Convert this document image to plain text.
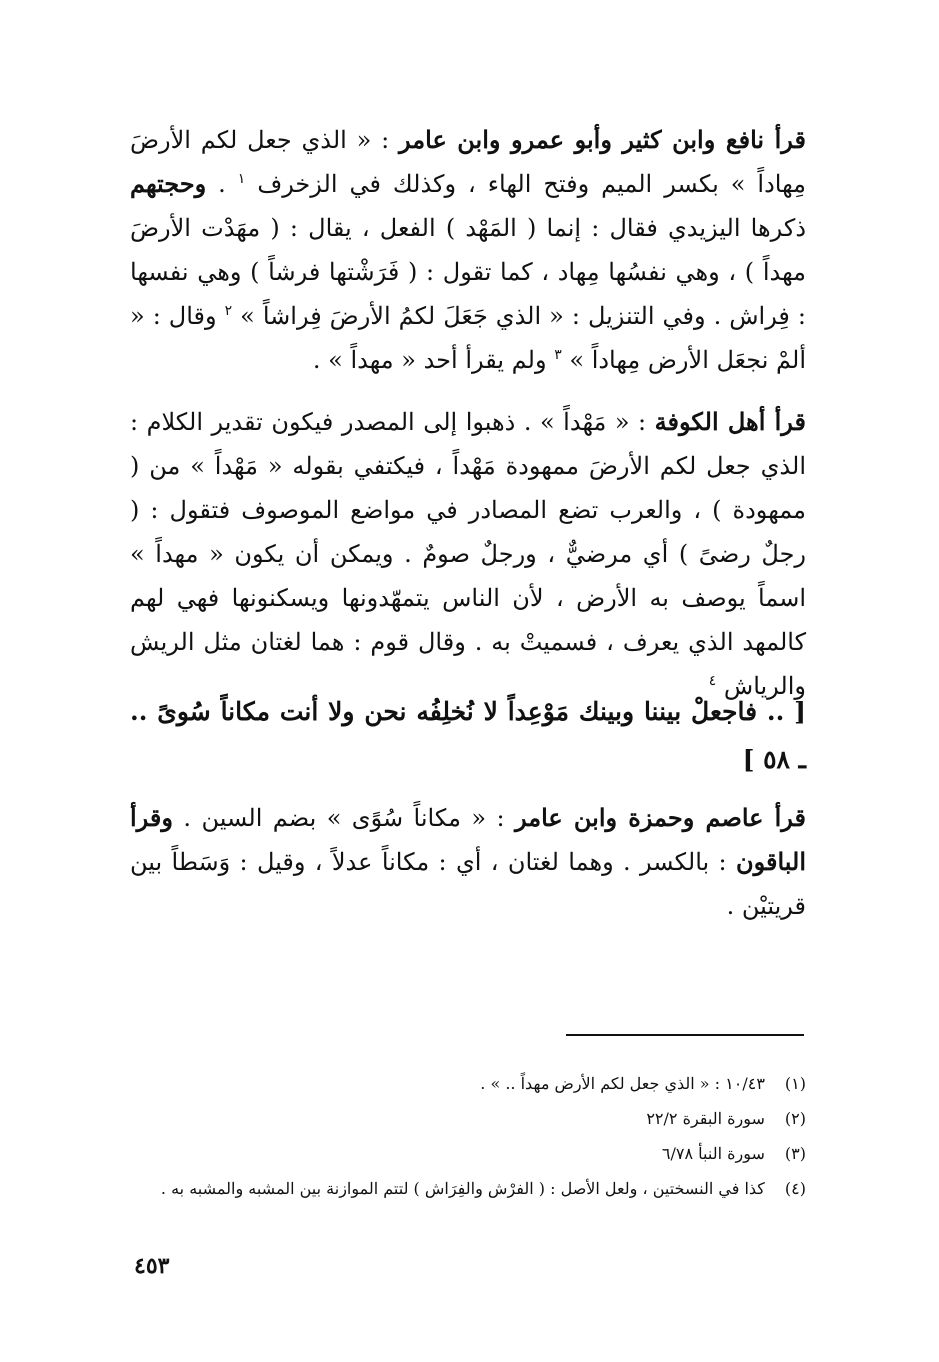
قرأ نافع وابن كثير وأبو عمرو وابن عامر : « الذي جعل لكم الأرضَ مِهاداً » بكسر الميم وفتح الهاء ، وكذلك في الزخرف $^١$ . وحجتهم ذكرها اليزيدي فقال : إنما ( المَهْد ) الفعل ، يقال : ( مهَدْت الأرضَ مهداً ) ، وهي نفسُها مِهاد ، كما تقول : ( فَرَشْتها فرشاً ) وهي نفسها : فِراش . وفي التنزيل : « الذي جَعَلَ لكمُ الأرضَ فِراشاً » $^٢$ وقال : « ألمْ نجعَل الأرض مِهاداً » $^٣$ ولم يقرأ أحد « مهداً » .
قرأ أهل الكوفة : « مَهْداً » . ذهبوا إلى المصدر فيكون تقدير الكلام : الذي جعل لكم الأرضَ ممهودة مَهْداً ، فيكتفي بقوله « مَهْداً » من ( ممهودة ) ، والعرب تضع المصادر في مواضع الموصوف فتقول : ( رجلٌ رضىً ) أي مرضيٌّ ، ورجلٌ صومٌ . ويمكن أن يكون « مهداً » اسماً يوصف به الأرض ، لأن الناس يتمهّدونها ويسكنونها فهي لهم كالمهد الذي يعرف ، فسميتْ به . وقال قوم : هما لغتان مثل الريش والرياش $^٤$
[ .. فاجعلْ بيننا وبينك مَوْعِداً لا نُخلِفُه نحن ولا أنت مكاناً سُوىً .. ـ ٥٨ ]
قرأ عاصم وحمزة وابن عامر : « مكاناً سُوًى » بضم السين . وقرأ الباقون : بالكسر . وهما لغتان ، أي : مكاناً عدلاً ، وقيل : وَسَطاً بين قريتيْن .
(١) ١٠/٤٣ : « الذي جعل لكم الأرض مهداً .. » .
(٢) سورة البقرة ٢٢/٢
(٣) سورة النبأ ٦/٧٨
(٤) كذا في النسختين ، ولعل الأصل : ( الفرْش والفِرَاش ) لتتم الموازنة بين المشبه والمشبه به .
٤٥٣
